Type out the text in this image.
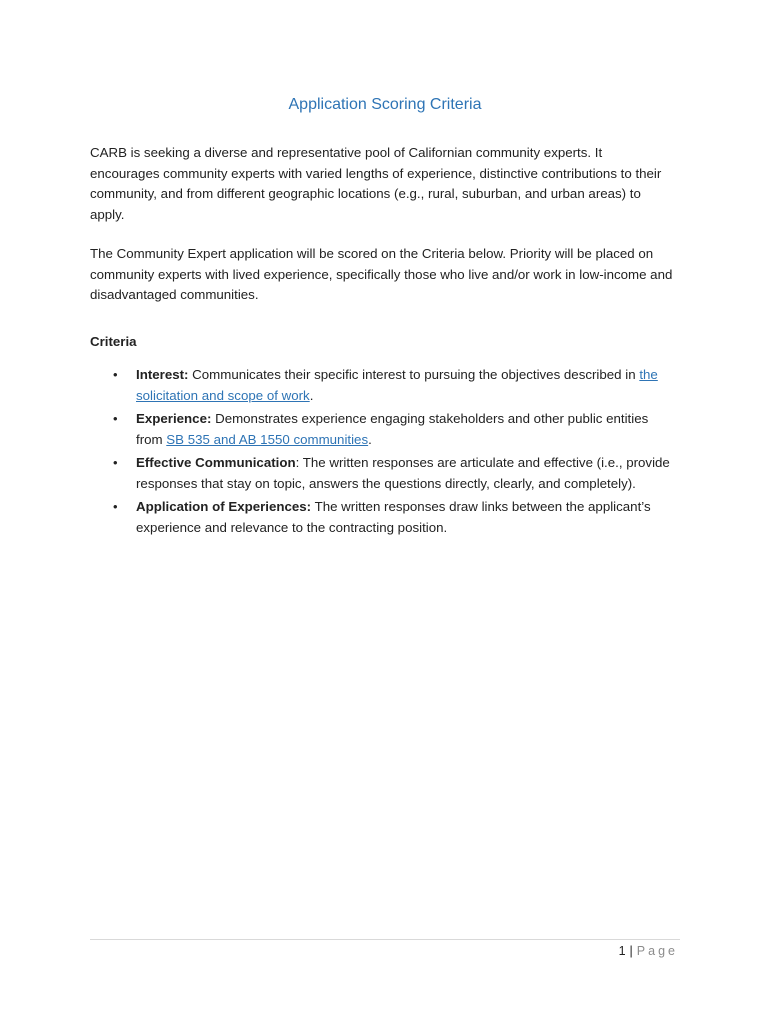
Application Scoring Criteria

CARB is seeking a diverse and representative pool of Californian community experts. It encourages community experts with varied lengths of experience, distinctive contributions to their community, and from different geographic locations (e.g., rural, suburban, and urban areas) to apply.

The Community Expert application will be scored on the Criteria below. Priority will be placed on community experts with lived experience, specifically those who live and/or work in low-income and disadvantaged communities.

Criteria

• Interest: Communicates their specific interest to pursuing the objectives described in the solicitation and scope of work.
• Experience: Demonstrates experience engaging stakeholders and other public entities from SB 535 and AB 1550 communities.
• Effective Communication: The written responses are articulate and effective (i.e., provide responses that stay on topic, answers the questions directly, clearly, and completely).
• Application of Experiences: The written responses draw links between the applicant’s experience and relevance to the contracting position.
1 | Page
